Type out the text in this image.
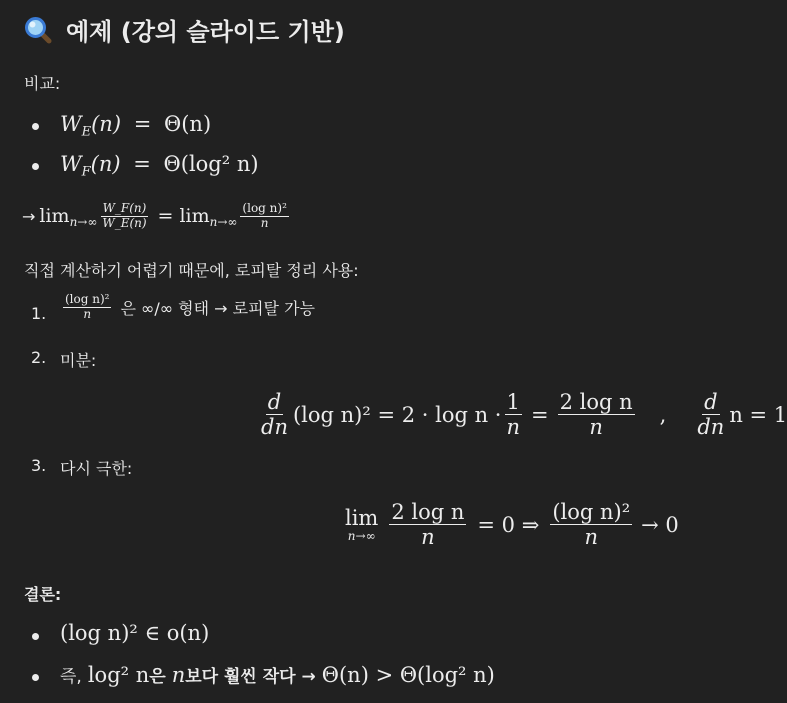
예제 (강의 슬라이드 기반)
비교:
$W_E(n) = \Theta(n)$
$W_F(n) = \Theta(\log^2$ n)
→ $\lim n\to\infty \frac{W\_F(n)}{W\_E(n)} = \lim n\to\infty \frac{\text{(log n)²}}{n}$
직접 계산하기 어렵기 때문에, 로피탈 정리 사용:
1. $\frac{\text{(log n)²}}{n}$ 은 ∞/∞ 형태 → 로피탈 가능
2. 미분:
$\frac{d}{dn} (\log$ $n)^2 = 2 \cdot \log n \cdot \frac{1}{n} = \frac{\text{2 log n}}{n}$ , $\frac{d}{dn}$ n = 1
3. 다시 극한:
lim
$n\to\infty \frac{\text{2 log n}}{n} = 0$ ⇒ $\frac{\text{(log n)²}}{n} \to 0$
결론:
(log n)² ∈ o(n)
즉, log² n 은 n 보다 훨씬 작다 → Θ(n) > Θ(log² n)
